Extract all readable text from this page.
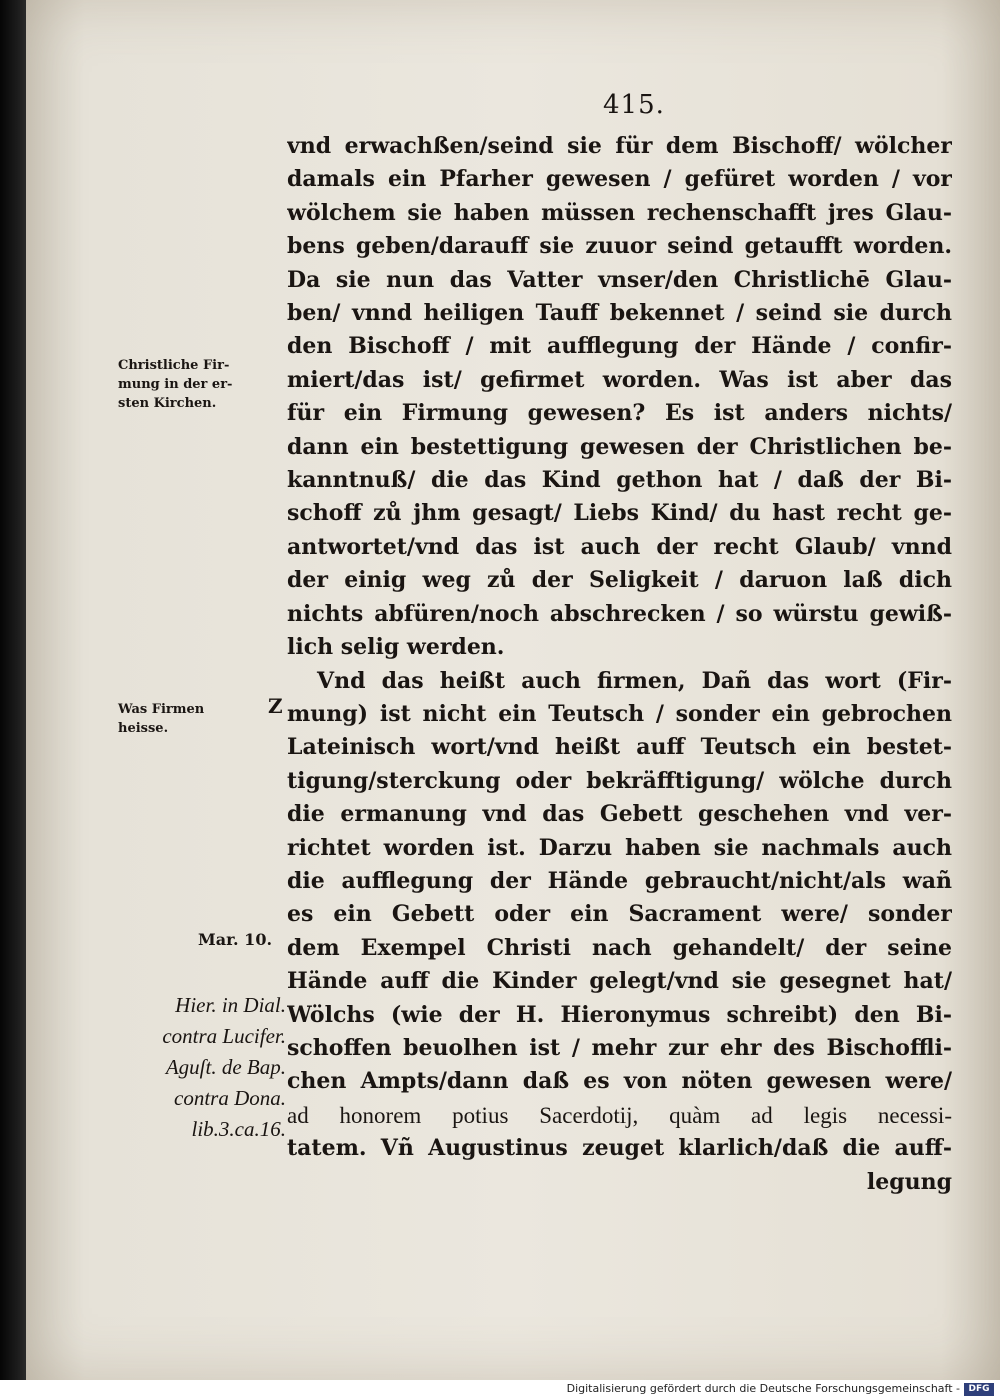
415.
vnd erwachßen/seind sie für dem Bischoff/ wölcher
damals ein Pfarher gewesen / gefüret worden / vor
wölchem sie haben müssen rechenschafft jres Glau-
bens geben/darauff sie zuuor seind getaufft worden.
Da sie nun das Vatter vnser/den Christlichē Glau-
ben/ vnnd heiligen Tauff bekennet / seind sie durch
den Bischoff / mit aufflegung der Hände / confir-
miert/das ist/ gefirmet worden. Was ist aber das
für ein Firmung gewesen? Es ist anders nichts/
dann ein bestettigung gewesen der Christlichen be-
kanntnuß/ die das Kind gethon hat / daß der Bi-
schoff zů jhm gesagt/ Liebs Kind/ du hast recht ge-
antwortet/vnd das ist auch der recht Glaub/ vnnd
der einig weg zů der Seligkeit / daruon laß dich
nichts abfüren/noch abschrecken / so würstu gewiß-
lich selig werden.
Vnd das heißt auch firmen, Dañ das wort (Fir-
mung) ist nicht ein Teutsch / sonder ein gebrochen
Lateinisch wort/vnd heißt auff Teutsch ein bestet-
tigung/sterckung oder bekräfftigung/ wölche durch
die ermanung vnd das Gebett geschehen vnd ver-
richtet worden ist. Darzu haben sie nachmals auch
die aufflegung der Hände gebraucht/nicht/als wañ
es ein Gebett oder ein Sacrament were/ sonder
dem Exempel Christi nach gehandelt/ der seine
Hände auff die Kinder gelegt/vnd sie gesegnet hat/
Wölchs (wie der H. Hieronymus schreibt) den Bi-
schoffen beuolhen ist / mehr zur ehr des Bischoffli-
chen Ampts/dann daß es von nöten gewesen were/
ad honorem potius Sacerdotij, quàm ad legis necessi-
tatem. Vñ Augustinus zeuget klarlich/daß die auff-
legung
Christliche Fir-
mung in der er-
sten Kirchen.
Was Firmen
heisse.
Z
Mar. 10.
Hier. in Dial.
contra Lucifer.
Aguſt. de Bap.
contra Dona.
lib.3.ca.16.
Digitalisierung gefördert durch die Deutsche Forschungsgemeinschaft - DFG
